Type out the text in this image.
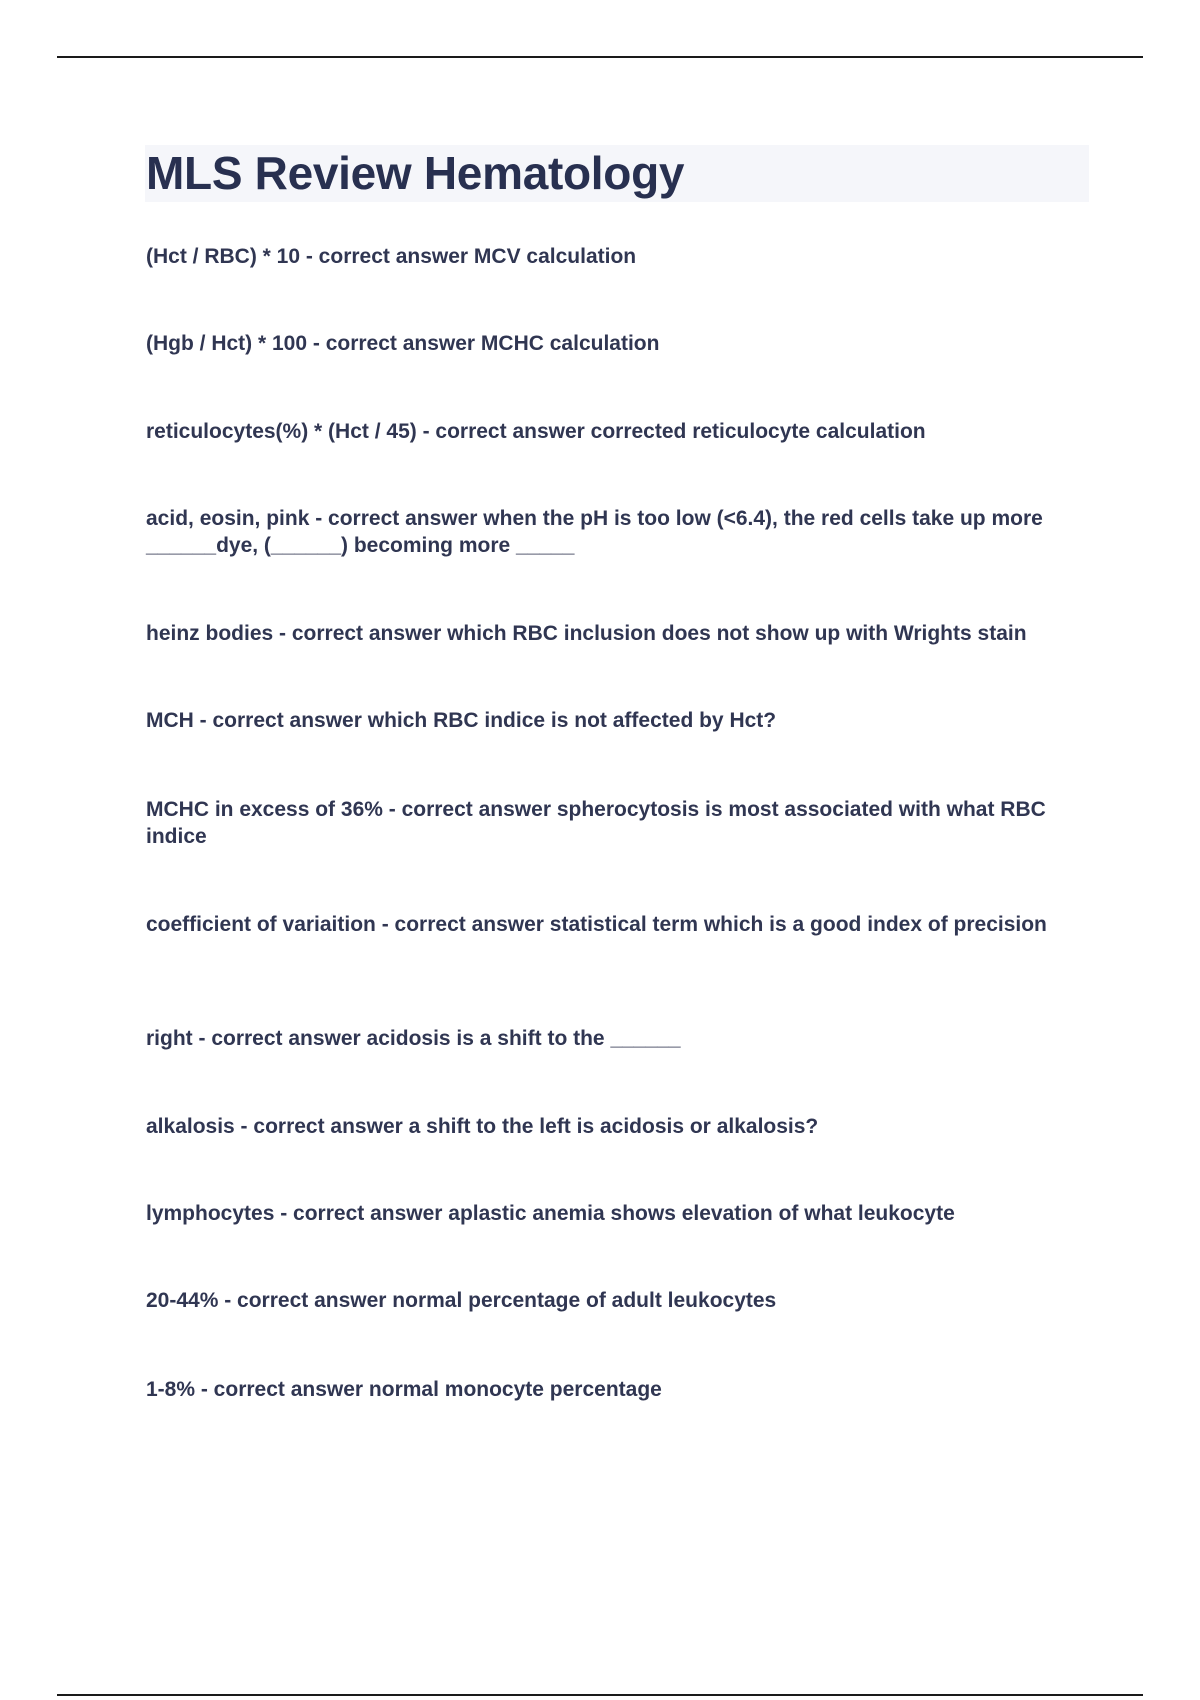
MLS Review Hematology

(Hct / RBC) * 10 - correct answer MCV calculation

(Hgb / Hct) * 100 - correct answer MCHC calculation

reticulocytes(%) * (Hct / 45) - correct answer corrected reticulocyte calculation

acid, eosin, pink - correct answer when the pH is too low (<6.4), the red cells take up more ______dye, (______) becoming more _____

heinz bodies - correct answer which RBC inclusion does not show up with Wrights stain

MCH - correct answer which RBC indice is not affected by Hct?

MCHC in excess of 36% - correct answer spherocytosis is most associated with what RBC indice

coefficient of variaition - correct answer statistical term which is a good index of precision

right - correct answer acidosis is a shift to the ______

alkalosis - correct answer a shift to the left is acidosis or alkalosis?

lymphocytes - correct answer aplastic anemia shows elevation of what leukocyte

20-44% - correct answer normal percentage of adult leukocytes

1-8% - correct answer normal monocyte percentage
